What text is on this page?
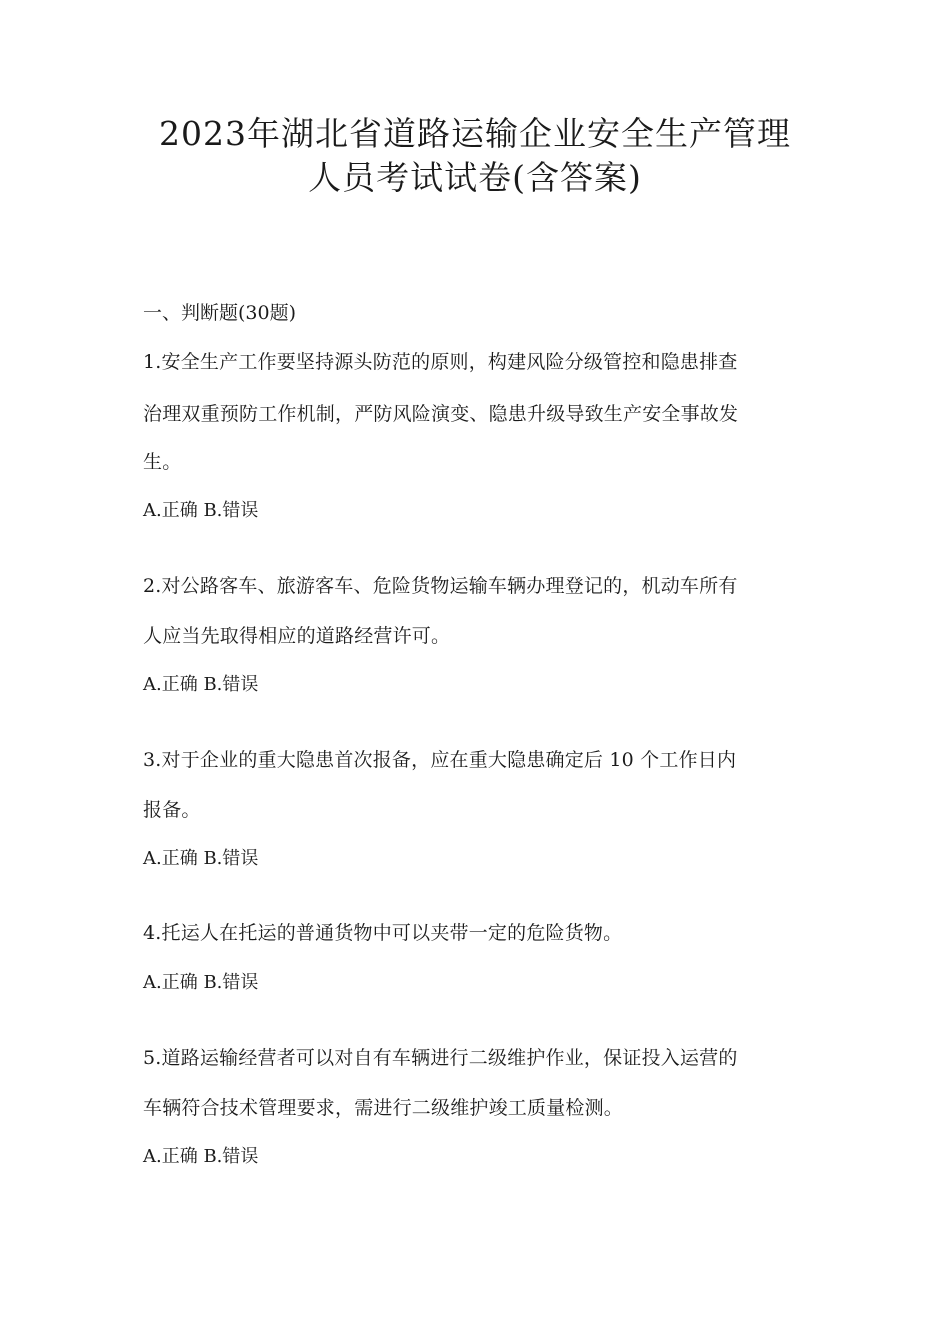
2023年湖北省道路运输企业安全生产管理
人员考试试卷(含答案)
一、判断题(30题)
1.安全生产工作要坚持源头防范的原则，构建风险分级管控和隐患排查
治理双重预防工作机制，严防风险演变、隐患升级导致生产安全事故发
生。
A.正确 B.错误
2.对公路客车、旅游客车、危险货物运输车辆办理登记的，机动车所有
人应当先取得相应的道路经营许可。
A.正确 B.错误
3.对于企业的重大隐患首次报备，应在重大隐患确定后 10 个工作日内
报备。
A.正确 B.错误
4.托运人在托运的普通货物中可以夹带一定的危险货物。
A.正确 B.错误
5.道路运输经营者可以对自有车辆进行二级维护作业，保证投入运营的
车辆符合技术管理要求，需进行二级维护竣工质量检测。
A.正确 B.错误
